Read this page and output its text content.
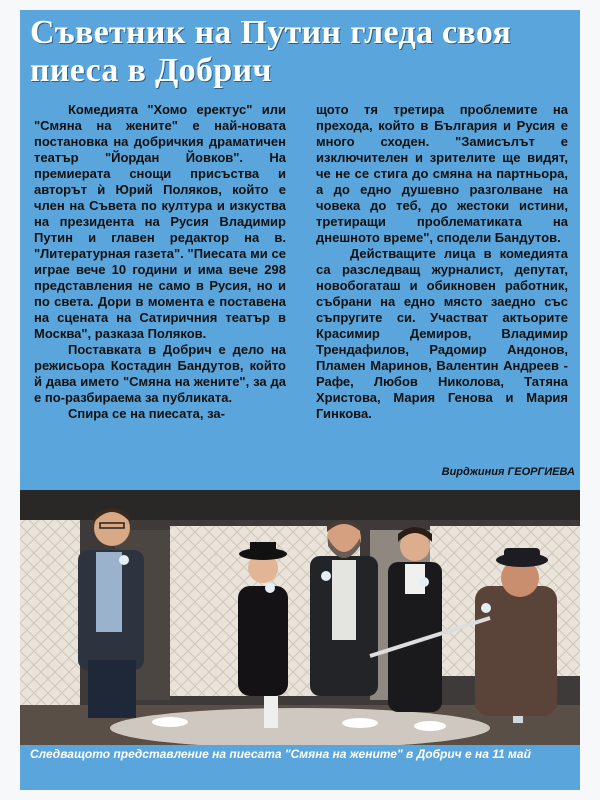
Съветник на Путин гледа своя пиеса в Добрич

Комедията "Хомо еректус" или "Смяна на жените" е най-новата постановка на добричкия драматичен театър "Йордан Йовков". На премиерата снощи присъства и авторът ѝ Юрий Поляков, който е член на Съвета по култура и изкуства на президента на Русия Владимир Путин и главен редактор на в. "Литературная газета". "Пиесата ми се играе вече 10 години и има вече 298 представления не само в Русия, но и по света. Дори в момента е поставена на сцената на Сатиричния театър в Москва", разказа Поляков.

Поставката в Добрич е дело на режисьора Костадин Бандутов, който й дава името "Смяна на жените", за да е по-разбираема за публиката.

Спира се на пиесата, за-

щото тя третира проблемите на прехода, който в България и Русия е много сходен. "Замисълът е изключителен и зрителите ще видят, че не се стига до смяна на партньора, а до едно душевно разголване на човека до теб, до жестоки истини, третиращи проблематиката на днешното време", сподели Бандутов.

Действащите лица в комедията са разследващ журналист, депутат, новобогаташ и обикновен работник, събрани на едно място заедно със съпругите си. Участват актьорите Красимир Демиров, Владимир Трендафилов, Радомир Андонов, Пламен Маринов, Валентин Андреев - Рафе, Любов Николова, Татяна Христова, Мария Генова и Мария Гинкова.

Вирджиния ГЕОРГИЕВА

Следващото представление на пиесата "Смяна на жените" в Добрич е на 11 май
